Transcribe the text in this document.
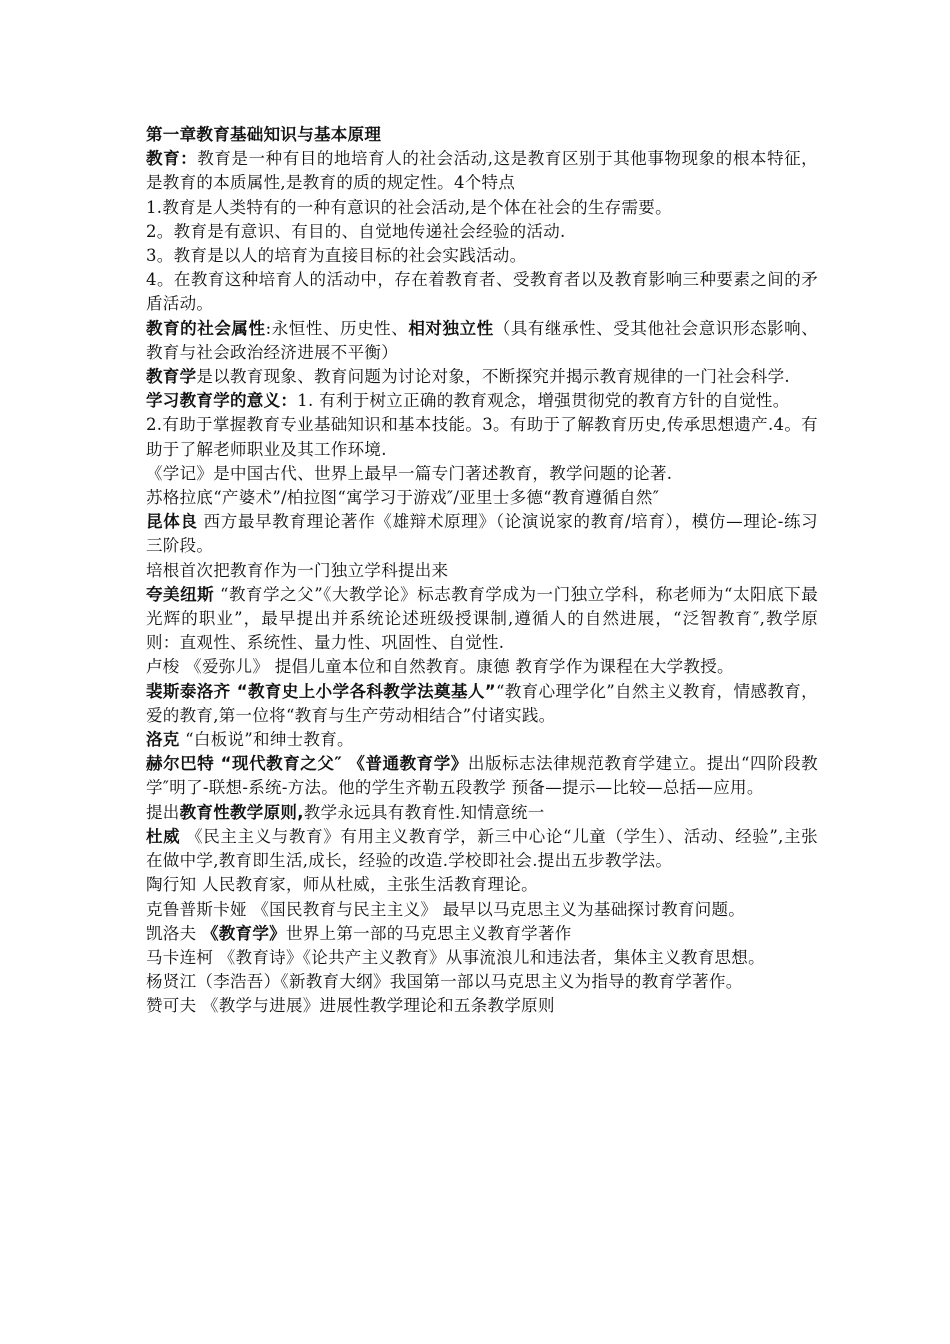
第一章教育基础知识与基本原理

教育：教育是一种有目的地培育人的社会活动,这是教育区别于其他事物现象的根本特征，是教育的本质属性,是教育的质的规定性。4个特点

1.教育是人类特有的一种有意识的社会活动,是个体在社会的生存需要。

2。教育是有意识、有目的、自觉地传递社会经验的活动.

3。教育是以人的培育为直接目标的社会实践活动。

4。在教育这种培育人的活动中，存在着教育者、受教育者以及教育影响三种要素之间的矛盾活动。

教育的社会属性:永恒性、历史性、相对独立性（具有继承性、受其他社会意识形态影响、教育与社会政治经济进展不平衡）

教育学是以教育现象、教育问题为讨论对象，不断探究并揭示教育规律的一门社会科学.

学习教育学的意义：1. 有利于树立正确的教育观念，增强贯彻党的教育方针的自觉性。

2.有助于掌握教育专业基础知识和基本技能。3。有助于了解教育历史,传承思想遗产.4。有助于了解老师职业及其工作环境.

《学记》是中国古代、世界上最早一篇专门著述教育，教学问题的论著.

苏格拉底“产婆术”/柏拉图“寓学习于游戏″/亚里士多德“教育遵循自然″

昆体良 西方最早教育理论著作《雄辩术原理》（论演说家的教育/培育），模仿—理论-练习三阶段。

培根首次把教育作为一门独立学科提出来

夸美纽斯 “教育学之父”《大教学论》标志教育学成为一门独立学科，称老师为“太阳底下最光辉的职业”，最早提出并系统论述班级授课制,遵循人的自然进展，“泛智教育″,教学原则：直观性、系统性、量力性、巩固性、自觉性.

卢梭 《爱弥儿》 提倡儿童本位和自然教育。康德 教育学作为课程在大学教授。

裴斯泰洛齐 “教育史上小学各科教学法奠基人”“教育心理学化”自然主义教育，情感教育，爱的教育,第一位将“教育与生产劳动相结合”付诸实践。

洛克 “白板说”和绅士教育。

赫尔巴特 “现代教育之父″ 《普通教育学》出版标志法律规范教育学建立。提出“四阶段教学″明了-联想-系统-方法。他的学生齐勒五段教学 预备—提示—比较—总括—应用。

提出教育性教学原则,教学永远具有教育性.知情意统一

杜威 《民主主义与教育》有用主义教育学，新三中心论“儿童（学生）、活动、经验”,主张在做中学,教育即生活,成长，经验的改造.学校即社会.提出五步教学法。

陶行知 人民教育家，师从杜威，主张生活教育理论。

克鲁普斯卡娅 《国民教育与民主主义》 最早以马克思主义为基础探讨教育问题。

凯洛夫 《教育学》世界上第一部的马克思主义教育学著作

马卡连柯 《教育诗》《论共产主义教育》从事流浪儿和违法者，集体主义教育思想。

杨贤江（李浩吾）《新教育大纲》我国第一部以马克思主义为指导的教育学著作。

赞可夫 《教学与进展》进展性教学理论和五条教学原则
